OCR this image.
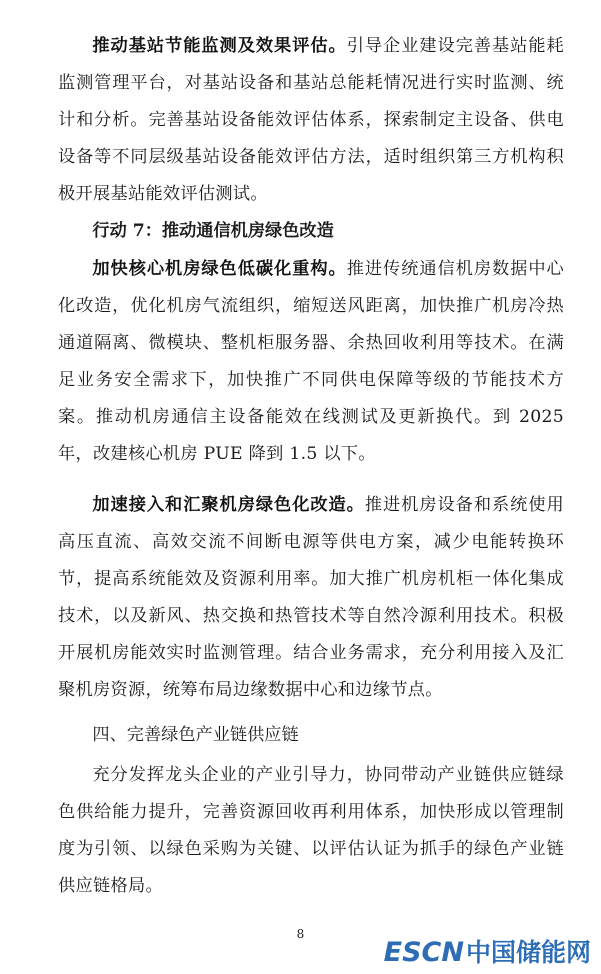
推动基站节能监测及效果评估。引导企业建设完善基站能耗监测管理平台，对基站设备和基站总能耗情况进行实时监测、统计和分析。完善基站设备能效评估体系，探索制定主设备、供电设备等不同层级基站设备能效评估方法，适时组织第三方机构积极开展基站能效评估测试。

行动 7：推动通信机房绿色改造

加快核心机房绿色低碳化重构。推进传统通信机房数据中心化改造，优化机房气流组织，缩短送风距离，加快推广机房冷热通道隔离、微模块、整机柜服务器、余热回收利用等技术。在满足业务安全需求下，加快推广不同供电保障等级的节能技术方案。推动机房通信主设备能效在线测试及更新换代。到 2025 年，改建核心机房 PUE 降到 1.5 以下。

加速接入和汇聚机房绿色化改造。推进机房设备和系统使用高压直流、高效交流不间断电源等供电方案，减少电能转换环节，提高系统能效及资源利用率。加大推广机房机柜一体化集成技术，以及新风、热交换和热管技术等自然冷源利用技术。积极开展机房能效实时监测管理。结合业务需求，充分利用接入及汇聚机房资源，统筹布局边缘数据中心和边缘节点。

四、完善绿色产业链供应链

充分发挥龙头企业的产业引导力，协同带动产业链供应链绿色供给能力提升，完善资源回收再利用体系，加快形成以管理制度为引领、以绿色采购为关键、以评估认证为抓手的绿色产业链供应链格局。

8
ESCN 中国储能网
